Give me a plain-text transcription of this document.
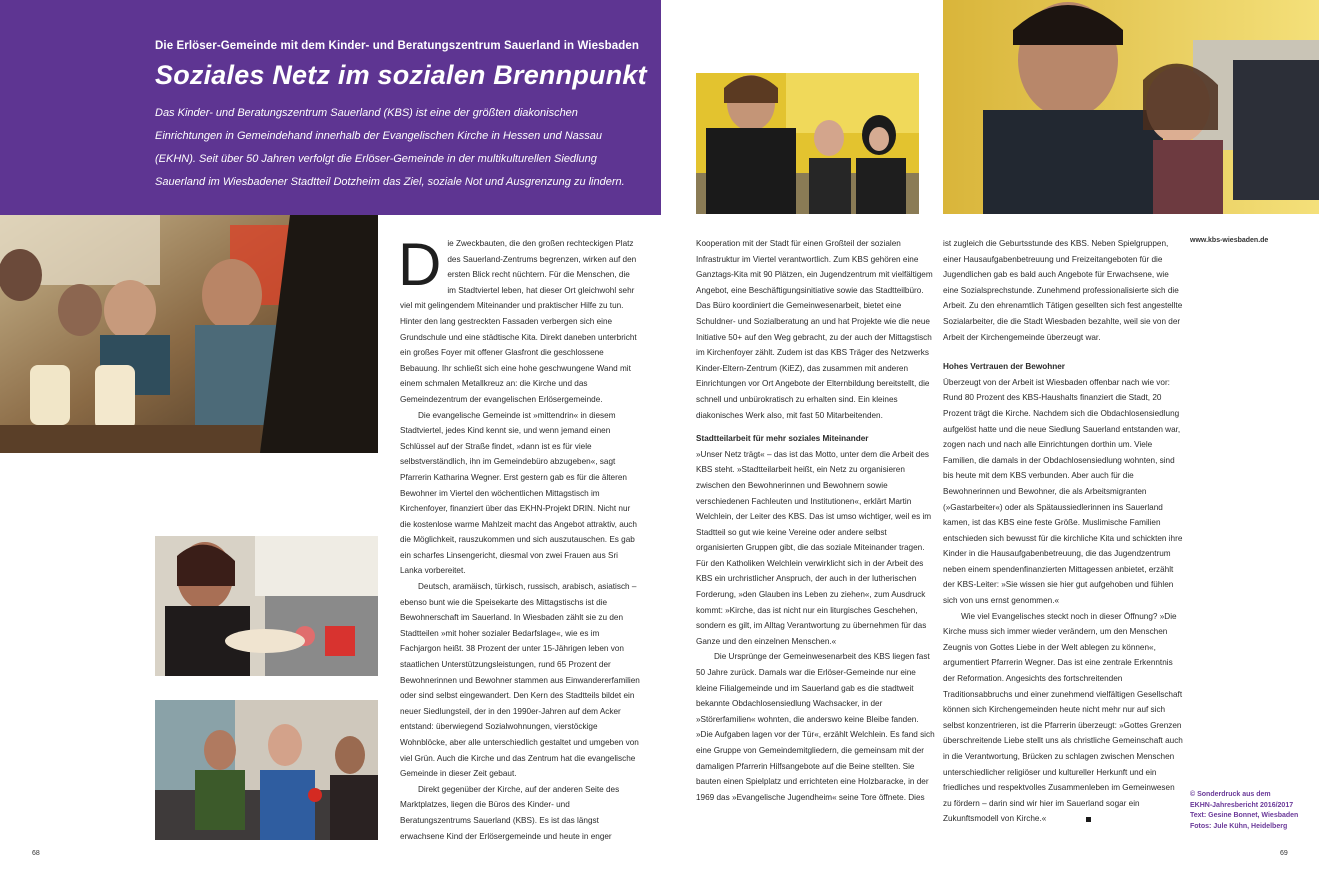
Die Erlöser-Gemeinde mit dem Kinder- und Beratungszentrum Sauerland in Wiesbaden
Soziales Netz im sozialen Brennpunkt
Das Kinder- und Beratungszentrum Sauerland (KBS) ist eine der größten diakonischen Einrichtungen in Gemeindehand innerhalb der Evangelischen Kirche in Hessen und Nassau (EKHN). Seit über 50 Jahren verfolgt die Erlöser-Gemeinde in der multikulturellen Siedlung Sauerland im Wiesbadener Stadtteil Dotzheim das Ziel, soziale Not und Ausgrenzung zu lindern.

Die Zweckbauten, die den großen rechteckigen Platz des Sauerland-Zentrums begrenzen, wirken auf den ersten Blick recht nüchtern. Für die Menschen, die im Stadtviertel leben, hat dieser Ort gleichwohl sehr viel mit gelingendem Miteinander und praktischer Hilfe zu tun. Hinter den lang gestreckten Fassaden verbergen sich eine Grundschule und eine städtische Kita. Direkt daneben unterbricht ein großes Foyer mit offener Glasfront die geschlossene Bebauung. Ihr schließt sich eine hohe geschwungene Wand mit einem schmalen Metallkreuz an: die Kirche und das Gemeindezentrum der evangelischen Erlösergemeinde.

Die evangelische Gemeinde ist »mittendrin« in diesem Stadtviertel, jedes Kind kennt sie, und wenn jemand einen Schlüssel auf der Straße findet, »dann ist es für viele selbstverständlich, ihn im Gemeindebüro abzugeben«, sagt Pfarrerin Katharina Wegner. Erst gestern gab es für die älteren Bewohner im Viertel den wöchentlichen Mittagstisch im Kirchenfoyer, finanziert über das EKHN-Projekt DRIN. Nicht nur die kostenlose warme Mahlzeit macht das Angebot attraktiv, auch die Möglichkeit, rauszukommen und sich auszutauschen. Es gab ein scharfes Linsengericht, diesmal von zwei Frauen aus Sri Lanka vorbereitet.

Deutsch, aramäisch, türkisch, russisch, arabisch, asiatisch – ebenso bunt wie die Speisekarte des Mittagstischs ist die Bewohnerschaft im Sauerland. In Wiesbaden zählt sie zu den Stadtteilen »mit hoher sozialer Bedarfslage«, wie es im Fachjargon heißt. 38 Prozent der unter 15-Jährigen leben von staatlichen Unterstützungsleistungen, rund 65 Prozent der Bewohnerinnen und Bewohner stammen aus Einwandererfamilien oder sind selbst eingewandert. Den Kern des Stadtteils bildet ein neuer Siedlungsteil, der in den 1990er-Jahren auf dem Acker entstand: überwiegend Sozialwohnungen, vierstöckige Wohnblöcke, aber alle unterschiedlich gestaltet und umgeben von viel Grün. Auch die Kirche und das Zentrum hat die evangelische Gemeinde in dieser Zeit gebaut.

Direkt gegenüber der Kirche, auf der anderen Seite des Marktplatzes, liegen die Büros des Kinder- und Beratungszentrums Sauerland (KBS). Es ist das längst erwachsene Kind der Erlösergemeinde und heute in enger

Kooperation mit der Stadt für einen Großteil der sozialen Infrastruktur im Viertel verantwortlich. Zum KBS gehören eine Ganztags-Kita mit 90 Plätzen, ein Jugendzentrum mit vielfältigem Angebot, eine Beschäftigungsinitiative sowie das Stadtteilbüro. Das Büro koordiniert die Gemeinwesenarbeit, bietet eine Schuldner- und Sozialberatung an und hat Projekte wie die neue Initiative 50+ auf den Weg gebracht, zu der auch der Mittagstisch im Kirchenfoyer zählt. Zudem ist das KBS Träger des Netzwerks Kinder-Eltern-Zentrum (KiEZ), das zusammen mit anderen Einrichtungen vor Ort Angebote der Elternbildung bereitstellt, die schnell und unbürokratisch zu erhalten sind. Ein kleines diakonisches Werk also, mit fast 50 Mitarbeitenden.

Stadtteilarbeit für mehr soziales Miteinander

»Unser Netz trägt« – das ist das Motto, unter dem die Arbeit des KBS steht. »Stadtteilarbeit heißt, ein Netz zu organisieren zwischen den Bewohnerinnen und Bewohnern sowie verschiedenen Fachleuten und Institutionen«, erklärt Martin Welchlein, der Leiter des KBS. Das ist umso wichtiger, weil es im Stadtteil so gut wie keine Vereine oder andere selbst organisierten Gruppen gibt, die das soziale Miteinander tragen. Für den Katholiken Welchlein verwirklicht sich in der Arbeit des KBS ein urchristlicher Anspruch, der auch in der lutherischen Forderung, »den Glauben ins Leben zu ziehen«, zum Ausdruck kommt: »Kirche, das ist nicht nur ein liturgisches Geschehen, sondern es gilt, im Alltag Verantwortung zu übernehmen für das Ganze und den einzelnen Menschen.«

Die Ursprünge der Gemeinwesenarbeit des KBS liegen fast 50 Jahre zurück. Damals war die Erlöser-Gemeinde nur eine kleine Filialgemeinde und im Sauerland gab es die stadtweit bekannte Obdachlosensiedlung Wachsacker, in der »Störerfamilien« wohnten, die anderswo keine Bleibe fanden. »Die Aufgaben lagen vor der Tür«, erzählt Welchlein. Es fand sich eine Gruppe von Gemeindemitgliedern, die gemeinsam mit der damaligen Pfarrerin Hilfsangebote auf die Beine stellten. Sie bauten einen Spielplatz und errichteten eine Holzbaracke, in der 1969 das »Evangelische Jugendheim« seine Tore öffnete. Dies

ist zugleich die Geburtsstunde des KBS. Neben Spielgruppen, einer Hausaufgabenbetreuung und Freizeitangeboten für die Jugendlichen gab es bald auch Angebote für Erwachsene, wie eine Sozialsprechstunde. Zunehmend professionalisierte sich die Arbeit. Zu den ehrenamtlich Tätigen gesellten sich fest angestellte Sozialarbeiter, die die Stadt Wiesbaden bezahlte, weil sie von der Arbeit der Kirchengemeinde überzeugt war.

Hohes Vertrauen der Bewohner

Überzeugt von der Arbeit ist Wiesbaden offenbar nach wie vor: Rund 80 Prozent des KBS-Haushalts finanziert die Stadt, 20 Prozent trägt die Kirche. Nachdem sich die Obdachlosensiedlung aufgelöst hatte und die neue Siedlung Sauerland entstanden war, zogen nach und nach alle Einrichtungen dorthin um. Viele Familien, die damals in der Obdachlosensiedlung wohnten, sind bis heute mit dem KBS verbunden. Aber auch für die Bewohnerinnen und Bewohner, die als Arbeitsmigranten (»Gastarbeiter«) oder als Spätaussiedlerinnen ins Sauerland kamen, ist das KBS eine feste Größe. Muslimische Familien entschieden sich bewusst für die kirchliche Kita und schickten ihre Kinder in die Hausaufgabenbetreuung, die das Jugendzentrum neben einem spendenfinanzierten Mittagessen anbietet, erzählt der KBS-Leiter: »Sie wissen sie hier gut aufgehoben und fühlen sich von uns ernst genommen.«

Wie viel Evangelisches steckt noch in dieser Öffnung? »Die Kirche muss sich immer wieder verändern, um den Menschen Zeugnis von Gottes Liebe in der Welt ablegen zu können«, argumentiert Pfarrerin Wegner. Das ist eine zentrale Erkenntnis der Reformation. Angesichts des fortschreitenden Traditionsabbruchs und einer zunehmend vielfältigen Gesellschaft können sich Kirchengemeinden heute nicht mehr nur auf sich selbst konzentrieren, ist die Pfarrerin überzeugt: »Gottes Grenzen überschreitende Liebe stellt uns als christliche Gemeinschaft auch in die Verantwortung, Brücken zu schlagen zwischen Menschen unterschiedlicher religiöser und kultureller Herkunft und ein friedliches und respektvolles Zusammenleben im Gemeinwesen zu fördern – darin sind wir hier im Sauerland sogar ein Zukunftsmodell von Kirche.«

www.kbs-wiesbaden.de
© Sonderdruck aus dem
EKHN-Jahresbericht 2016/2017
Text: Gesine Bonnet, Wiesbaden
Fotos: Jule Kühn, Heidelberg
68	69
